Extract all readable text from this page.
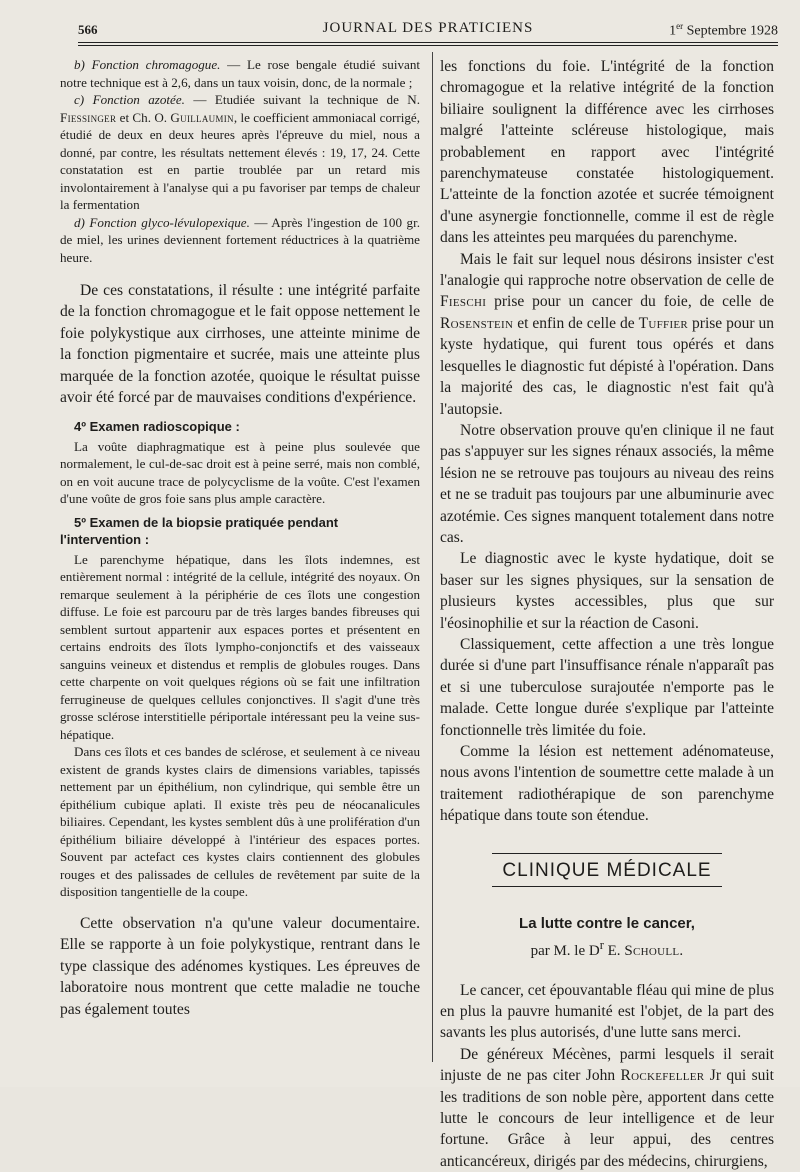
566	JOURNAL DES PRATICIENS	1er Septembre 1928

b) Fonction chromagogue. — Le rose bengale étudié suivant notre technique est à 2,6, dans un taux voisin, donc, de la normale ;

c) Fonction azotée. — Etudiée suivant la technique de N. Fiessinger et Ch. O. Guillaumin, le coefficient ammoniacal corrigé, étudié de deux en deux heures après l'épreuve du miel, nous a donné, par contre, les résultats nettement élevés : 19, 17, 24. Cette constatation est en partie troublée par un retard mis involontairement à l'analyse qui a pu favoriser par temps de chaleur la fermentation

d) Fonction glyco-lévulopexique. — Après l'ingestion de 100 gr. de miel, les urines deviennent fortement réductrices à la quatrième heure.

De ces constatations, il résulte : une intégrité parfaite de la fonction chromagogue et le fait oppose nettement le foie polykystique aux cirrhoses, une atteinte minime de la fonction pigmentaire et sucrée, mais une atteinte plus marquée de la fonction azotée, quoique le résultat puisse avoir été forcé par de mauvaises conditions d'expérience.

4º Examen radioscopique :

La voûte diaphragmatique est à peine plus soulevée que normalement, le cul-de-sac droit est à peine serré, mais non comblé, on en voit aucune trace de polycyclisme de la voûte. C'est l'examen d'une voûte de gros foie sans plus ample caractère.

5º Examen de la biopsie pratiquée pendant l'intervention :

Le parenchyme hépatique, dans les îlots indemnes, est entièrement normal : intégrité de la cellule, intégrité des noyaux. On remarque seulement à la périphérie de ces îlots une congestion diffuse. Le foie est parcouru par de très larges bandes fibreuses qui semblent surtout appartenir aux espaces portes et présentent en certains endroits des îlots lympho-conjonctifs et des vaisseaux sanguins veineux et distendus et remplis de globules rouges. Dans cette charpente on voit quelques régions où se fait une infiltration ferrugineuse de quelques cellules conjonctives. Il s'agit d'une très grosse sclérose interstitielle périportale intéressant peu la veine sus-hépatique.

Dans ces îlots et ces bandes de sclérose, et seulement à ce niveau existent de grands kystes clairs de dimensions variables, tapissés nettement par un épithélium, non cylindrique, qui semble être un épithélium cubique aplati. Il existe très peu de néocanalicules biliaires. Cependant, les kystes semblent dûs à une prolifération d'un épithélium biliaire développé à l'intérieur des espaces portes. Souvent par actefact ces kystes clairs contiennent des globules rouges et des palissades de cellules de revêtement par suite de la disposition tangentielle de la coupe.

Cette observation n'a qu'une valeur documentaire. Elle se rapporte à un foie polykystique, rentrant dans le type classique des adénomes kystiques. Les épreuves de laboratoire nous montrent que cette maladie ne touche pas également toutes

les fonctions du foie. L'intégrité de la fonction chromagogue et la relative intégrité de la fonction biliaire soulignent la différence avec les cirrhoses malgré l'atteinte scléreuse histologique, mais probablement en rapport avec l'intégrité parenchymateuse constatée histologiquement. L'atteinte de la fonction azotée et sucrée témoignent d'une asynergie fonctionnelle, comme il est de règle dans les atteintes peu marquées du parenchyme.

Mais le fait sur lequel nous désirons insister c'est l'analogie qui rapproche notre observation de celle de Fieschi prise pour un cancer du foie, de celle de Rosenstein et enfin de celle de Tuffier prise pour un kyste hydatique, qui furent tous opérés et dans lesquelles le diagnostic fut dépisté à l'opération. Dans la majorité des cas, le diagnostic n'est fait qu'à l'autopsie.

Notre observation prouve qu'en clinique il ne faut pas s'appuyer sur les signes rénaux associés, la même lésion ne se retrouve pas toujours au niveau des reins et ne se traduit pas toujours par une albuminurie avec azotémie. Ces signes manquent totalement dans notre cas.

Le diagnostic avec le kyste hydatique, doit se baser sur les signes physiques, sur la sensation de plusieurs kystes accessibles, plus que sur l'éosinophilie et sur la réaction de Casoni.

Classiquement, cette affection a une très longue durée si d'une part l'insuffisance rénale n'apparaît pas et si une tuberculose surajoutée n'emporte pas le malade. Cette longue durée s'explique par l'atteinte fonctionnelle très limitée du foie.

Comme la lésion est nettement adénomateuse, nous avons l'intention de soumettre cette malade à un traitement radiothérapique de son parenchyme hépatique dans toute son étendue.

CLINIQUE MÉDICALE
La lutte contre le cancer,
par M. le $D^r$ E. Schoull.

Le cancer, cet épouvantable fléau qui mine de plus en plus la pauvre humanité est l'objet, de la part des savants les plus autorisés, d'une lutte sans merci.

De généreux Mécènes, parmi lesquels il serait injuste de ne pas citer John Rockefeller Jr qui suit les traditions de son noble père, apportent dans cette lutte le concours de leur intelligence et de leur fortune. Grâce à leur appui, des centres anticancéreux, dirigés par des médecins, chirurgiens,
